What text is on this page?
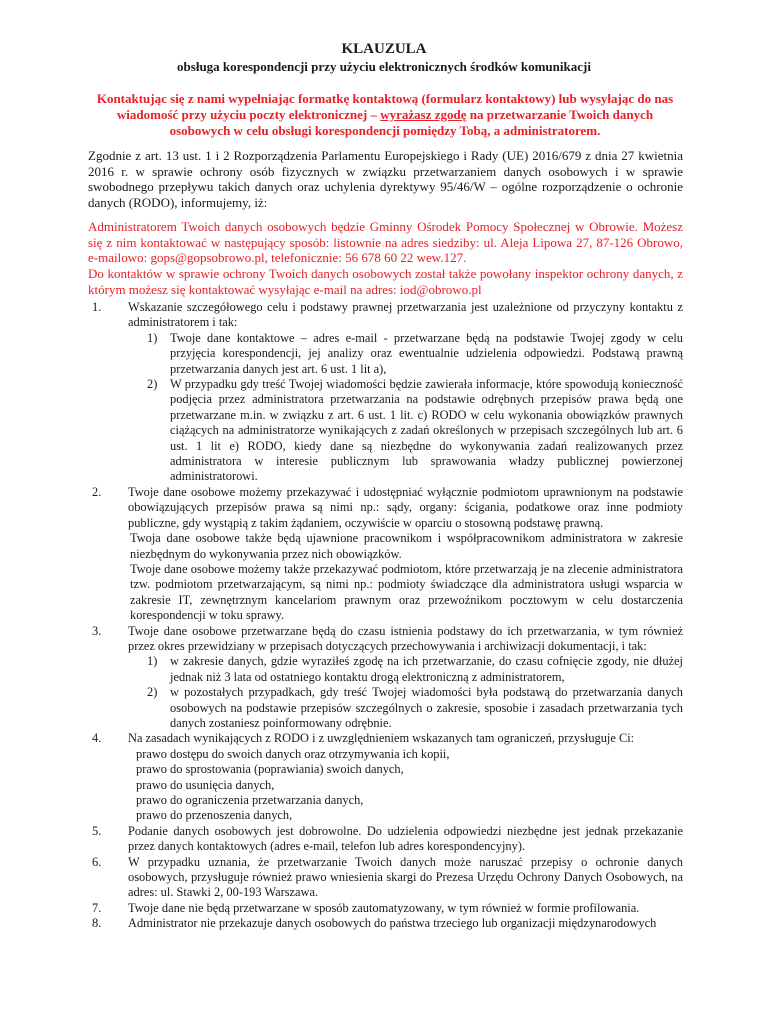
KLAUZULA
obsługa korespondencji przy użyciu elektronicznych środków komunikacji
Kontaktując się z nami wypełniając formatkę kontaktową (formularz kontaktowy) lub wysyłając do nas wiadomość przy użyciu poczty elektronicznej – wyrażasz zgodę na przetwarzanie Twoich danych osobowych w celu obsługi korespondencji pomiędzy Tobą, a administratorem.
Zgodnie z art. 13 ust. 1 i 2 Rozporządzenia Parlamentu Europejskiego i Rady (UE) 2016/679 z dnia 27 kwietnia 2016 r. w sprawie ochrony osób fizycznych w związku przetwarzaniem danych osobowych i w sprawie swobodnego przepływu takich danych oraz uchylenia dyrektywy 95/46/W – ogólne rozporządzenie o ochronie danych (RODO), informujemy, iż:
Administratorem Twoich danych osobowych będzie Gminny Ośrodek Pomocy Społecznej w Obrowie. Możesz się z nim kontaktować w następujący sposób: listownie na adres siedziby: ul. Aleja Lipowa 27, 87-126 Obrowo, e-mailowo: gops@gopsobrowo.pl, telefonicznie: 56 678 60 22 wew.127.
Do kontaktów w sprawie ochrony Twoich danych osobowych został także powołany inspektor ochrony danych, z którym możesz się kontaktować wysyłając e-mail na adres: iod@obrowo.pl
1. Wskazanie szczegółowego celu i podstawy prawnej przetwarzania jest uzależnione od przyczyny kontaktu z administratorem i tak:
1) Twoje dane kontaktowe – adres e-mail - przetwarzane będą na podstawie Twojej zgody w celu przyjęcia korespondencji, jej analizy oraz ewentualnie udzielenia odpowiedzi. Podstawą prawną przetwarzania danych jest art. 6 ust. 1 lit a),
2) W przypadku gdy treść Twojej wiadomości będzie zawierała informacje, które spowodują konieczność podjęcia przez administratora przetwarzania na podstawie odrębnych przepisów prawa będą one przetwarzane m.in. w związku z art. 6 ust. 1 lit. c) RODO w celu wykonania obowiązków prawnych ciążących na administratorze wynikających z zadań określonych w przepisach szczególnych lub art. 6 ust. 1 lit e) RODO, kiedy dane są niezbędne do wykonywania zadań realizowanych przez administratora w interesie publicznym lub sprawowania władzy publicznej powierzonej administratorowi.
2. Twoje dane osobowe możemy przekazywać i udostępniać wyłącznie podmiotom uprawnionym na podstawie obowiązujących przepisów prawa są nimi np.: sądy, organy: ścigania, podatkowe oraz inne podmioty publiczne, gdy wystąpią z takim żądaniem, oczywiście w oparciu o stosowną podstawę prawną.
Twoja dane osobowe także będą ujawnione pracownikom i współpracownikom administratora w zakresie niezbędnym do wykonywania przez nich obowiązków.
Twoje dane osobowe możemy także przekazywać podmiotom, które przetwarzają je na zlecenie administratora tzw. podmiotom przetwarzającym, są nimi np.: podmioty świadczące dla administratora usługi wsparcia w zakresie IT, zewnętrznym kancelariom prawnym oraz przewoźnikom pocztowym w celu dostarczenia korespondencji w toku sprawy.
3. Twoje dane osobowe przetwarzane będą do czasu istnienia podstawy do ich przetwarzania, w tym również przez okres przewidziany w przepisach dotyczących przechowywania i archiwizacji dokumentacji, i tak:
1) w zakresie danych, gdzie wyraziłeś zgodę na ich przetwarzanie, do czasu cofnięcie zgody, nie dłużej jednak niż 3 lata od ostatniego kontaktu drogą elektroniczną z administratorem,
2) w pozostałych przypadkach, gdy treść Twojej wiadomości była podstawą do przetwarzania danych osobowych na podstawie przepisów szczególnych o zakresie, sposobie i zasadach przetwarzania tych danych zostaniesz poinformowany odrębnie.
4. Na zasadach wynikających z RODO i z uwzględnieniem wskazanych tam ograniczeń, przysługuje Ci:
prawo dostępu do swoich danych oraz otrzymywania ich kopii,
prawo do sprostowania (poprawiania) swoich danych,
prawo do usunięcia danych,
prawo do ograniczenia przetwarzania danych,
prawo do przenoszenia danych,
5. Podanie danych osobowych jest dobrowolne. Do udzielenia odpowiedzi niezbędne jest jednak przekazanie przez danych kontaktowych (adres e-mail, telefon lub adres korespondencyjny).
6. W przypadku uznania, że przetwarzanie Twoich danych może naruszać przepisy o ochronie danych osobowych, przysługuje również prawo wniesienia skargi do Prezesa Urzędu Ochrony Danych Osobowych, na adres: ul. Stawki 2, 00-193 Warszawa.
7. Twoje dane nie będą przetwarzane w sposób zautomatyzowany, w tym również w formie profilowania.
8. Administrator nie przekazuje danych osobowych do państwa trzeciego lub organizacji międzynarodowych
